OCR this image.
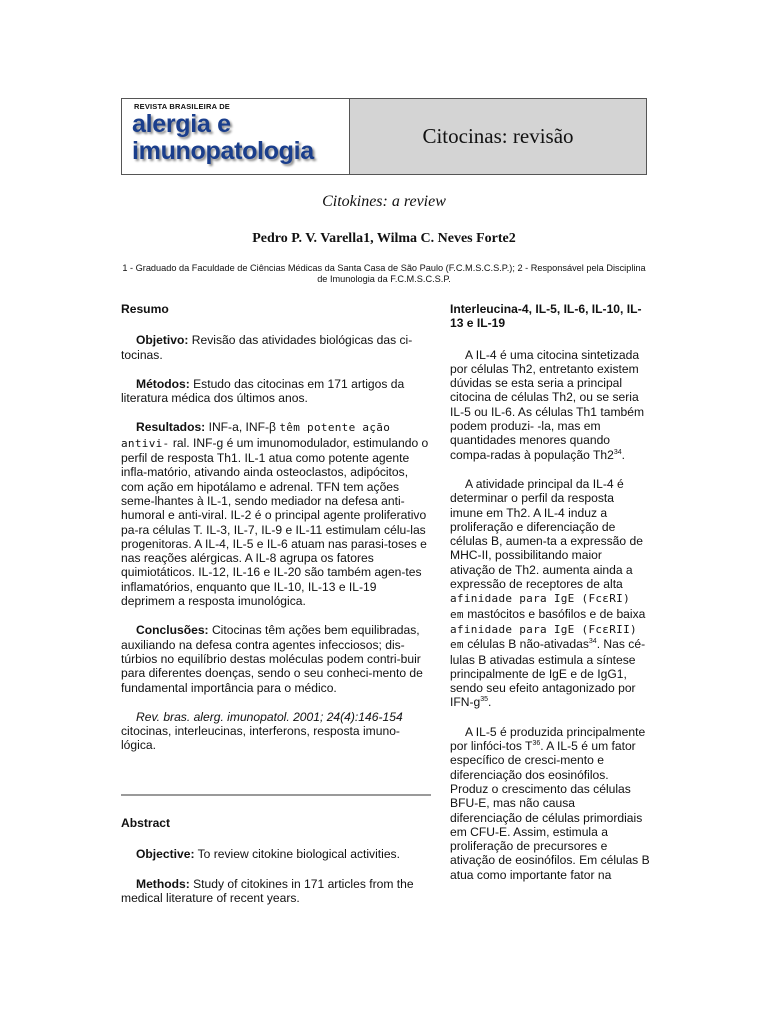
REVISTA BRASILEIRA DE
alergia e
imunopatologia
Citocinas: revisão
Citokines: a review
Pedro P. V. Varella1, Wilma C. Neves Forte2
1 - Graduado da Faculdade de Ciências Médicas da Santa Casa de São Paulo (F.C.M.S.C.S.P.); 2 - Responsável pela Disciplina de Imunologia da F.C.M.S.C.S.P.

Resumo

Objetivo: Revisão das atividades biológicas das ci-tocinas.

Métodos: Estudo das citocinas em 171 artigos da literatura médica dos últimos anos.

Resultados: INF-a, INF-β têm potente ação antivi- ral. INF-g é um imunomodulador, estimulando o perfil de resposta Th1. IL-1 atua como potente agente infla-matório, ativando ainda osteoclastos, adipócitos, com ação em hipotálamo e adrenal. TFN tem ações seme-lhantes à IL-1, sendo mediador na defesa anti-humoral e anti-viral. IL-2 é o principal agente proliferativo pa-ra células T. IL-3, IL-7, IL-9 e IL-11 estimulam célu-las progenitoras. A IL-4, IL-5 e IL-6 atuam nas parasi-toses e nas reações alérgicas. A IL-8 agrupa os fatores quimiotáticos. IL-12, IL-16 e IL-20 são também agen-tes inflamatórios, enquanto que IL-10, IL-13 e IL-19 deprimem a resposta imunológica.

Conclusões: Citocinas têm ações bem equilibradas, auxiliando na defesa contra agentes infecciosos; dis-túrbios no equilíbrio destas moléculas podem contri-buir para diferentes doenças, sendo o seu conheci-mento de fundamental importância para o médico.

Rev. bras. alerg. imunopatol. 2001; 24(4):146-154 citocinas, interleucinas, interferons, resposta imuno-lógica.

Abstract

Objective: To review citokine biological activities.

Methods: Study of citokines in 171 articles from the medical literature of recent years.

Interleucina-4, IL-5, IL-6, IL-10, IL-13 e IL-19

A IL-4 é uma citocina sintetizada por células Th2, entretanto existem dúvidas se esta seria a principal citocina de células Th2, ou se seria IL-5 ou IL-6. As células Th1 também podem produzi- -la, mas em quantidades menores quando compa-radas à população $Th2^{34}$.

A atividade principal da IL-4 é determinar o perfil da resposta imune em Th2. A IL-4 induz a proliferação e diferenciação de células B, aumen-ta a expressão de MHC-II, possibilitando maior ativação de Th2. aumenta ainda a expressão de receptores de alta afinidade para IgE (FcεRI) em mastócitos e basófilos e de baixa afinidade para IgE (FcεRII) em células B não-ativadas$^{34}$. Nas cé-lulas B ativadas estimula a síntese principalmente de IgE e de IgG1, sendo seu efeito antagonizado por IFN-$g^{35}$.

A IL-5 é produzida principalmente por linfóci-tos $T^{36}$. A IL-5 é um fator específico de cresci-mento e diferenciação dos eosinófilos. Produz o crescimento das células BFU-E, mas não causa diferenciação de células primordiais em CFU-E. Assim, estimula a proliferação de precursores e ativação de eosinófilos. Em células B atua como importante fator na
